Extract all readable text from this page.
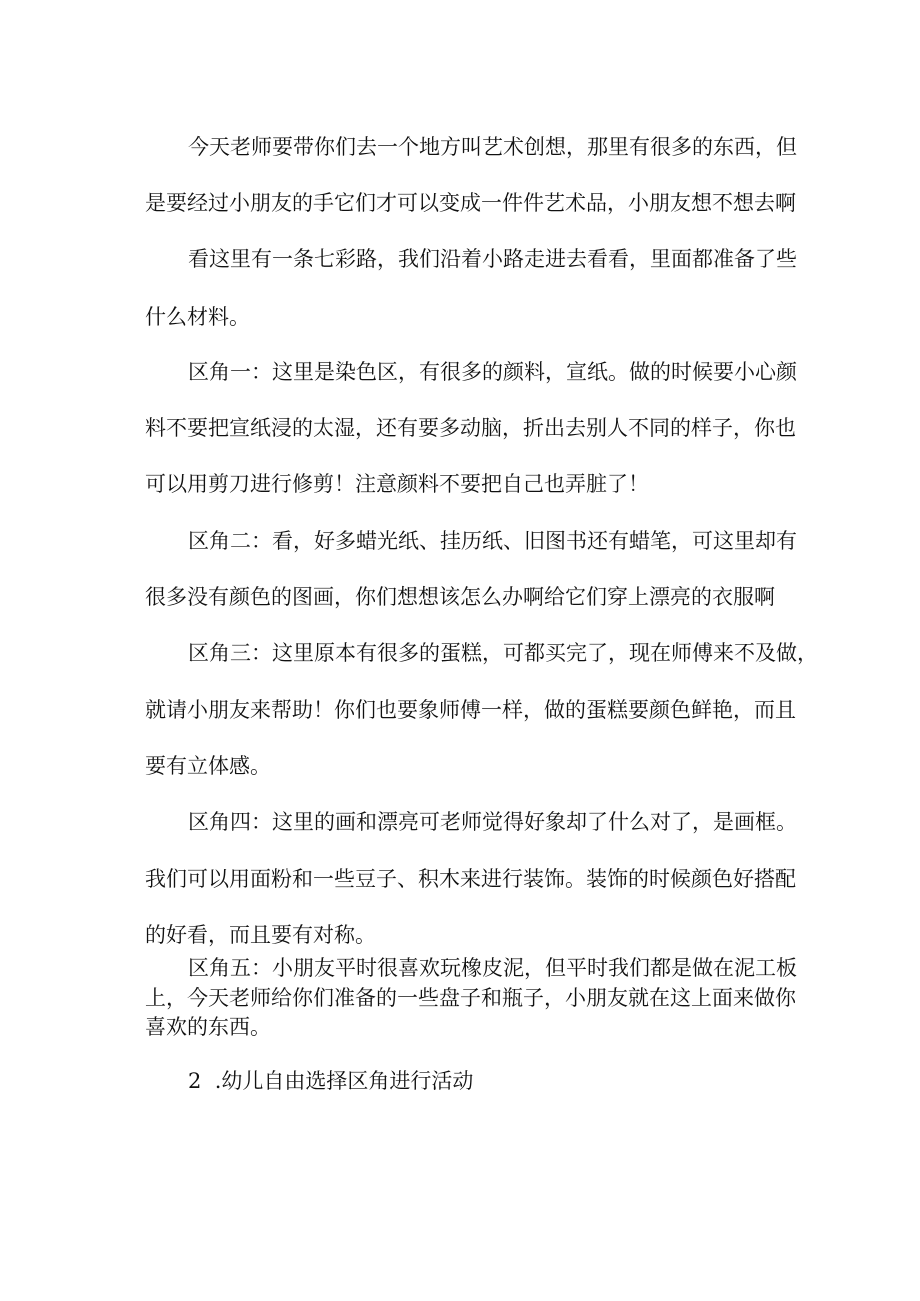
今天老师要带你们去一个地方叫艺术创想，那里有很多的东西，但

是要经过小朋友的手它们才可以变成一件件艺术品，小朋友想不想去啊

看这里有一条七彩路，我们沿着小路走进去看看，里面都准备了些

什么材料。

区角一：这里是染色区，有很多的颜料，宣纸。做的时候要小心颜

料不要把宣纸浸的太湿，还有要多动脑，折出去别人不同的样子，你也

可以用剪刀进行修剪！注意颜料不要把自己也弄脏了！

区角二：看，好多蜡光纸、挂历纸、旧图书还有蜡笔，可这里却有

很多没有颜色的图画，你们想想该怎么办啊给它们穿上漂亮的衣服啊

区角三：这里原本有很多的蛋糕，可都买完了，现在师傅来不及做，

就请小朋友来帮助！你们也要象师傅一样，做的蛋糕要颜色鲜艳，而且

要有立体感。

区角四：这里的画和漂亮可老师觉得好象却了什么对了，是画框。

我们可以用面粉和一些豆子、积木来进行装饰。装饰的时候颜色好搭配

的好看，而且要有对称。

区角五：小朋友平时很喜欢玩橡皮泥，但平时我们都是做在泥工板

上，今天老师给你们准备的一些盘子和瓶子，小朋友就在这上面来做你

喜欢的东西。

2  .幼儿自由选择区角进行活动
